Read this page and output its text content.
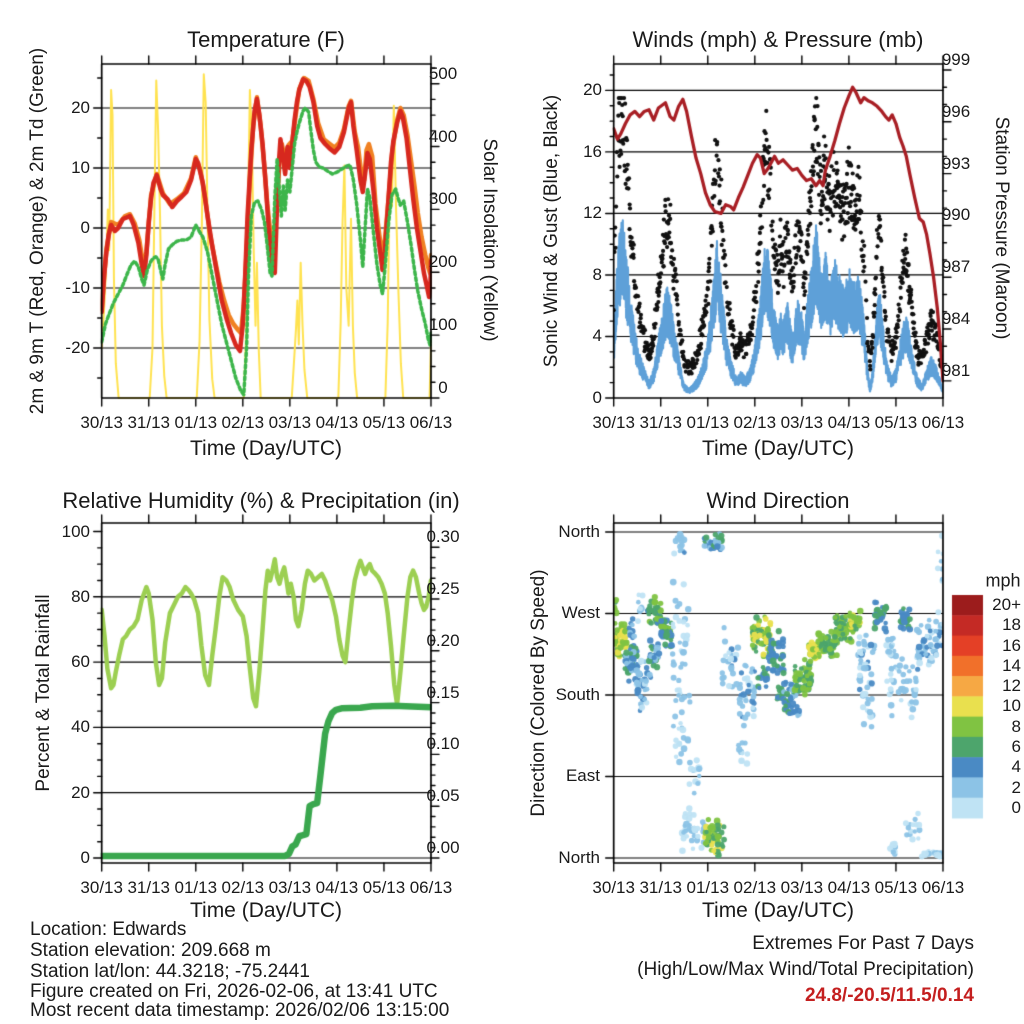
Temperature (F)	Winds (mph) & Pressure (mb)
Relative Humidity (%) & Precipitation (in)	Wind Direction
2m & 9m T (Red, Orange) & 2m Td (Green)	Solar Insolation (Yellow) Sonic Wind & Gust (Blue, Black)	Station Pressure (Maroon)
Percent & Total Rainfall	Direction (Colored By Speed)
Time (Day/UTC)	Time (Day/UTC)
Time (Day/UTC)	Time (Day/UTC)
mph
Location: Edwards
Station elevation: 209.668 m
Station lat/lon: 44.3218; -75.2441
Figure created on Fri, 2026-02-06, at 13:41 UTC
Most recent data timestamp: 2026/02/06 13:15:00
Extremes For Past 7 Days
(High/Low/Max Wind/Total Precipitation)
24.8/-20.5/11.5/0.14
30/13 31/13 01/13 02/13 03/13 04/13 05/13 06/13	30/13 31/13 01/13 02/13 03/13 04/13 05/13 06/13
30/13 31/13 01/13 02/13 03/13 04/13 05/13 06/13	30/13 31/13 01/13 02/13 03/13 04/13 05/13 06/13
-20
-10
0
10
20
0
100
200
300
400
500
0
4
8
12
16
20
981
984
987
990
993
996
999
0
20
40
60
80
100
0.00
0.05
0.10
0.15
0.20
0.25
0.30	North
West
South
East
North
20+
18
16
14
12
10
8
6
4
2
0
